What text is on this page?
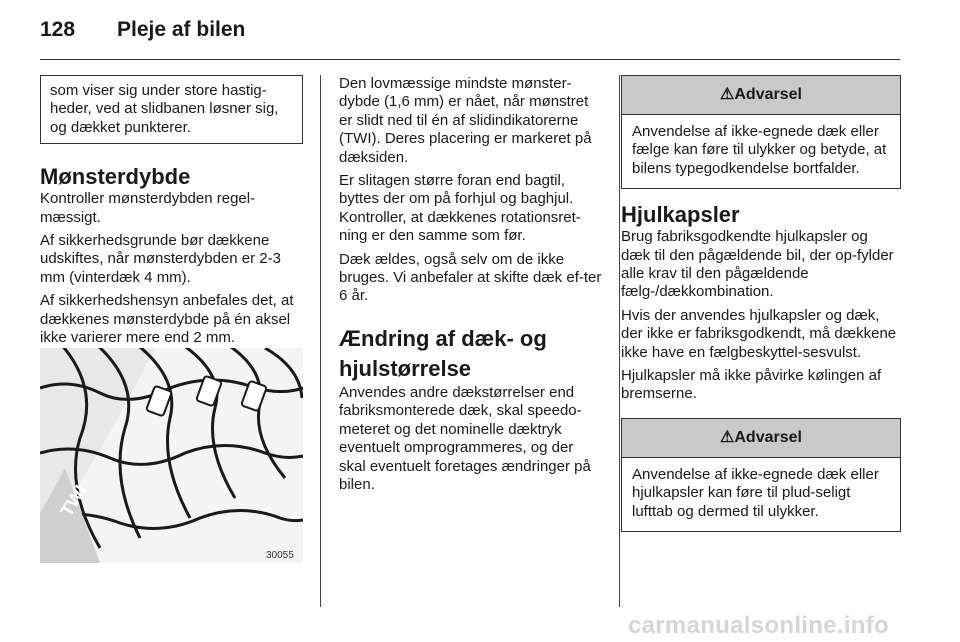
128 Pleje af bilen
som viser sig under store hastig-heder, ved at slidbanen løsner sig, og dækket punkterer.
Mønsterdybde

Kontroller mønsterdybden regel-mæssigt.

Af sikkerhedsgrunde bør dækkene udskiftes, når mønsterdybden er 2-3 mm (vinterdæk 4 mm).

Af sikkerhedshensyn anbefales det, at dækkenes mønsterdybde på én aksel ikke varierer mere end 2 mm.

TWI
30055

Den lovmæssige mindste mønster-dybde (1,6 mm) er nået, når mønstret er slidt ned til én af slidindikatorerne (TWI). Deres placering er markeret på dæksiden.

Er slitagen større foran end bagtil, byttes der om på forhjul og baghjul. Kontroller, at dækkenes rotationsret-ning er den samme som før.

Dæk ældes, også selv om de ikke bruges. Vi anbefaler at skifte dæk ef-ter 6 år.

Ændring af dæk- og hjulstørrelse

Anvendes andre dækstørrelser end fabriksmonterede dæk, skal speedo-meteret og det nominelle dæktryk eventuelt omprogrammeres, og der skal eventuelt foretages ændringer på bilen.

⚠Advarsel
Anvendelse af ikke-egnede dæk eller fælge kan føre til ulykker og betyde, at bilens typegodkendelse bortfalder.
Hjulkapsler

Brug fabriksgodkendte hjulkapsler og dæk til den pågældende bil, der op-fylder alle krav til den pågældende fælg-/dækkombination.

Hvis der anvendes hjulkapsler og dæk, der ikke er fabriksgodkendt, må dækkene ikke have en fælgbeskyttel-sesvulst.

Hjulkapsler må ikke påvirke kølingen af bremserne.

⚠Advarsel
Anvendelse af ikke-egnede dæk eller hjulkapsler kan føre til plud-seligt lufttab og dermed til ulykker.
carmanualsonline.info
